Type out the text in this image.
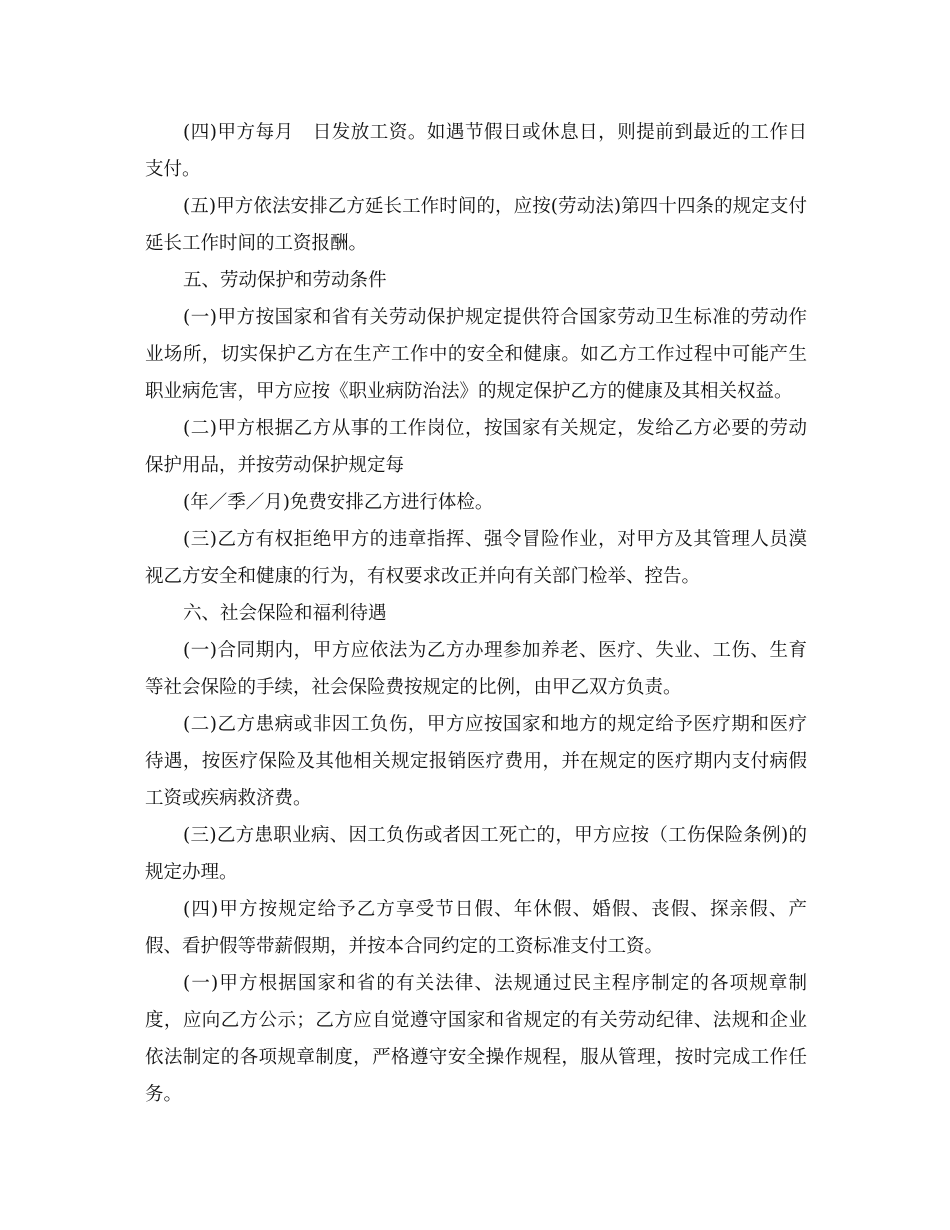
(四)甲方每月　日发放工资。如遇节假日或休息日，则提前到最近的工作日支付。

(五)甲方依法安排乙方延长工作时间的，应按(劳动法)第四十四条的规定支付延长工作时间的工资报酬。

五、劳动保护和劳动条件

(一)甲方按国家和省有关劳动保护规定提供符合国家劳动卫生标准的劳动作业场所，切实保护乙方在生产工作中的安全和健康。如乙方工作过程中可能产生职业病危害，甲方应按《职业病防治法》的规定保护乙方的健康及其相关权益。

(二)甲方根据乙方从事的工作岗位，按国家有关规定，发给乙方必要的劳动保护用品，并按劳动保护规定每

(年／季／月)免费安排乙方进行体检。

(三)乙方有权拒绝甲方的违章指挥、强令冒险作业，对甲方及其管理人员漠视乙方安全和健康的行为，有权要求改正并向有关部门检举、控告。

六、社会保险和福利待遇

(一)合同期内，甲方应依法为乙方办理参加养老、医疗、失业、工伤、生育等社会保险的手续，社会保险费按规定的比例，由甲乙双方负责。

(二)乙方患病或非因工负伤，甲方应按国家和地方的规定给予医疗期和医疗待遇，按医疗保险及其他相关规定报销医疗费用，并在规定的医疗期内支付病假工资或疾病救济费。

(三)乙方患职业病、因工负伤或者因工死亡的，甲方应按（工伤保险条例)的规定办理。

(四)甲方按规定给予乙方享受节日假、年休假、婚假、丧假、探亲假、产假、看护假等带薪假期，并按本合同约定的工资标准支付工资。

(一)甲方根据国家和省的有关法律、法规通过民主程序制定的各项规章制度，应向乙方公示；乙方应自觉遵守国家和省规定的有关劳动纪律、法规和企业依法制定的各项规章制度，严格遵守安全操作规程，服从管理，按时完成工作任务。
